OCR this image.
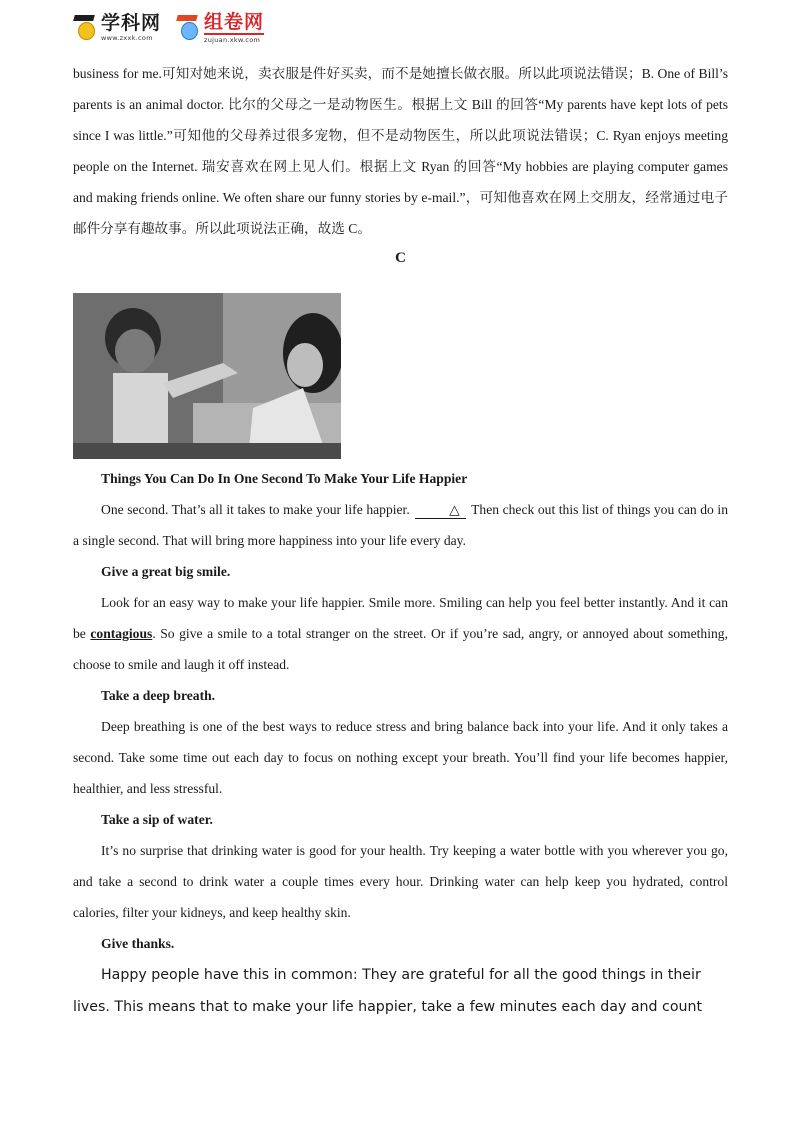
学科网
www.zxxk.com
组卷网
zujuan.xkw.com

business for me.可知对她来说，卖衣服是件好买卖，而不是她擅长做衣服。所以此项说法错误；B. One of Bill’s parents is an animal doctor. 比尔的父母之一是动物医生。根据上文 Bill 的回答“My parents have kept lots of pets since I was little.”可知他的父母养过很多宠物，但不是动物医生，所以此项说法错误；C. Ryan enjoys meeting people on the Internet. 瑞安喜欢在网上见人们。根据上文 Ryan 的回答“My hobbies are playing computer games and making friends online. We often share our funny stories by e-mail.”，可知他喜欢在网上交朋友，经常通过电子邮件分享有趣故事。所以此项说法正确，故选 C。

C

Things You Can Do In One Second To Make Your Life Happier

One second. That’s all it takes to make your life happier.	△ Then check out this list of things you can do in a single second. That will bring more happiness into your life every day.

Give a great big smile.

Look for an easy way to make your life happier. Smile more. Smiling can help you feel better instantly. And it can be contagious. So give a smile to a total stranger on the street. Or if you’re sad, angry, or annoyed about something, choose to smile and laugh it off instead.

Take a deep breath.

Deep breathing is one of the best ways to reduce stress and bring balance back into your life. And it only takes a second. Take some time out each day to focus on nothing except your breath. You’ll find your life becomes happier, healthier, and less stressful.

Take a sip of water.

It’s no surprise that drinking water is good for your health. Try keeping a water bottle with you wherever you go, and take a second to drink water a couple times every hour. Drinking water can help keep you hydrated, control calories, filter your kidneys, and keep healthy skin.

Give thanks.

Happy people have this in common: They are grateful for all the good things in their lives. This means that to make your life happier, take a few minutes each day and count
